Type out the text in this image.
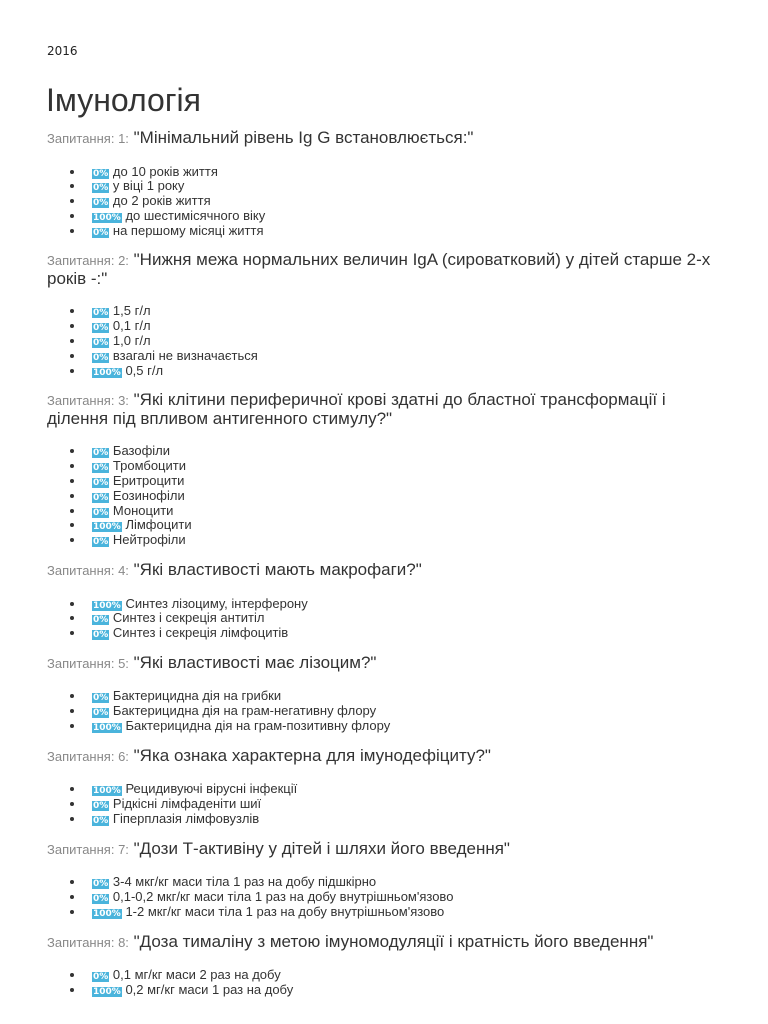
2016
Імунологія
Запитання: 1: "Мінімальний рівень Ig G встановлюється:"
0% до 10 років життя
0% у віці 1 року
0% до 2 років життя
100% до шестимісячного віку
0% на першому місяці життя
Запитання: 2: "Нижня межа нормальних величин IgA (сироватковий) у дітей старше 2-х років -:"
0% 1,5 г/л
0% 0,1 г/л
0% 1,0 г/л
0% взагалі не визначається
100% 0,5 г/л
Запитання: 3: "Які клітини периферичної крові здатні до бластної трансформації і ділення під впливом антигенного стимулу?"
0% Базофіли
0% Тромбоцити
0% Еритроцити
0% Еозинофіли
0% Моноцити
100% Лімфоцити
0% Нейтрофіли
Запитання: 4: "Які властивості мають макрофаги?"
100% Синтез лізоциму, інтерферону
0% Синтез і секреція антитіл
0% Синтез і секреція лімфоцитів
Запитання: 5: "Які властивості має лізоцим?"
0% Бактерицидна дія на грибки
0% Бактерицидна дія на грам-негативну флору
100% Бактерицидна дія на грам-позитивну флору
Запитання: 6: "Яка ознака характерна для імунодефіциту?"
100% Рецидивуючі вірусні інфекції
0% Рідкісні лімфаденіти шиї
0% Гіперплазія лімфовузлів
Запитання: 7: "Дози Т-активіну у дітей і шляхи його введення"
0% 3-4 мкг/кг маси тіла 1 раз на добу підшкірно
0% 0,1-0,2 мкг/кг маси тіла 1 раз на добу внутрішньом'язово
100% 1-2 мкг/кг маси тіла 1 раз на добу внутрішньом'язово
Запитання: 8: "Доза тималіну з метою імуномодуляції і кратність його введення"
0% 0,1 мг/кг маси 2 раз на добу
100% 0,2 мг/кг маси 1 раз на добу
